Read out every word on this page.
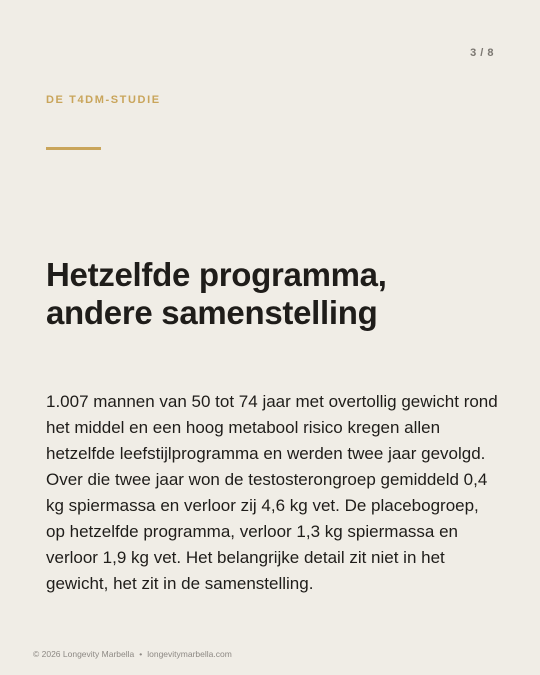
3 / 8
DE T4DM-STUDIE
Hetzelfde programma, andere samenstelling

1.007 mannen van 50 tot 74 jaar met overtollig gewicht rond het middel en een hoog metabool risico kregen allen hetzelfde leefstijlprogramma en werden twee jaar gevolgd. Over die twee jaar won de testosterongroep gemiddeld 0,4 kg spiermassa en verloor zij 4,6 kg vet. De placebogroep, op hetzelfde programma, verloor 1,3 kg spiermassa en verloor 1,9 kg vet. Het belangrijke detail zit niet in het gewicht, het zit in de samenstelling.

© 2026 Longevity Marbella • longevitymarbella.com
